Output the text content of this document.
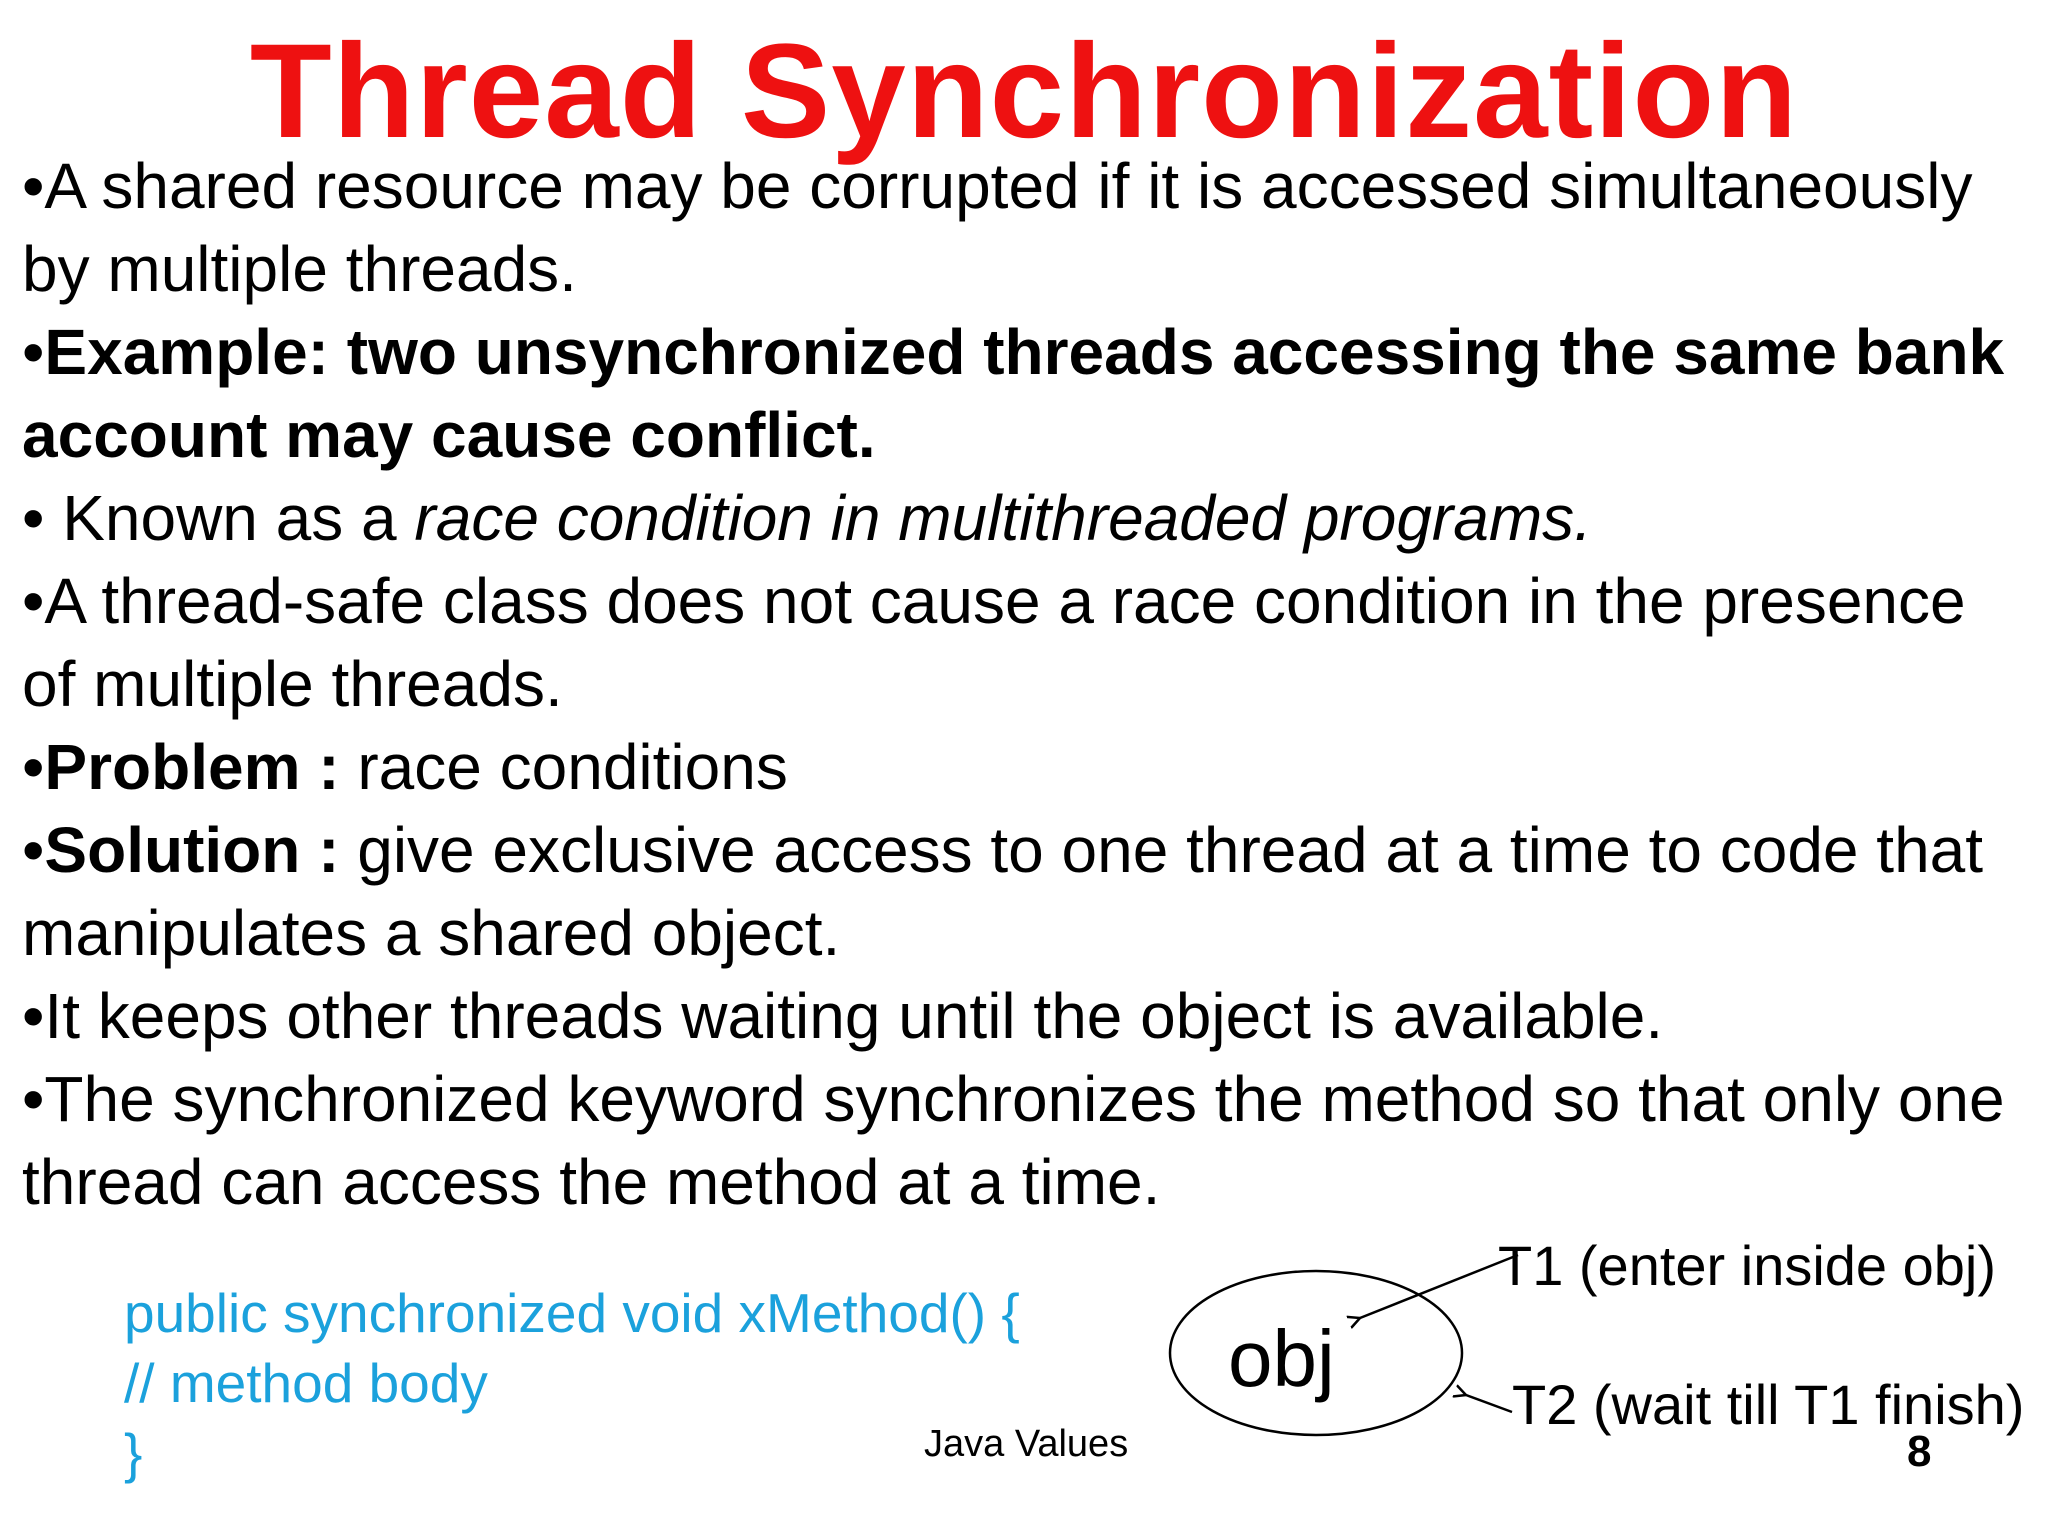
Thread Synchronization

•A shared resource may be corrupted if it is accessed simultaneously by multiple threads.

•Example: two unsynchronized threads accessing the same bank account may cause conflict.

• Known as a race condition in multithreaded programs.

•A thread-safe class does not cause a race condition in the presence of multiple threads.

•Problem : race conditions

•Solution : give exclusive access to one thread at a time to code that manipulates a shared object.

•It keeps other threads waiting until the object is available.

•The synchronized keyword synchronizes the method so that only one thread can access the method at a time.

public synchronized void xMethod() {
// method body
}
obj
T1 (enter inside obj)
T2 (wait till T1 finish)
Java Values	8
